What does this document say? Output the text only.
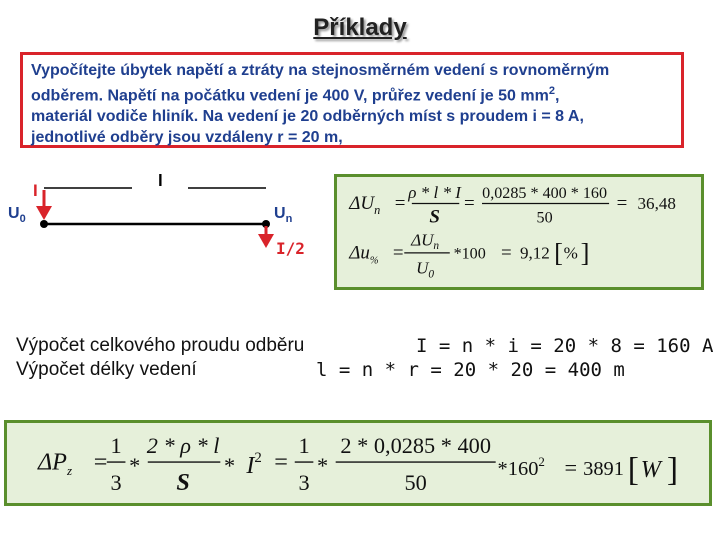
Příklady
Vypočítejte úbytek napětí a ztráty na stejnosměrném vedení s rovnoměrným
odběrem. Napětí na počátku vedení je 400 V, průřez vedení je 50 $mm^2$,
materiál vodiče hliník. Na vedení je 20 odběrných míst s proudem i = 8 A,
jednotlivé odběry jsou vzdáleny r = 20 m,
I
l
$U_0$	$U_n$
I/2
$\Delta U_n$ =
ρ * l * I
S
= 0,0285 * 400 * 160
50
= 36,48
$\Delta u_{\%}$ =
$\Delta U_n$
$U_0$
*100 = 9,12 [ % ]
Výpočet celkového proudu odběru	I = n * i = 20 * 8 = 160 A
Výpočet délky vedení	l = n * r = 20 * 20 = 400 m
$\Delta P_z$ =
1
3
*
2 * ρ * l
S
* $I^2$ =
1
3
*
2 * 0,0285 * 400
50
$*160^2 = 3891$ [ W ]
